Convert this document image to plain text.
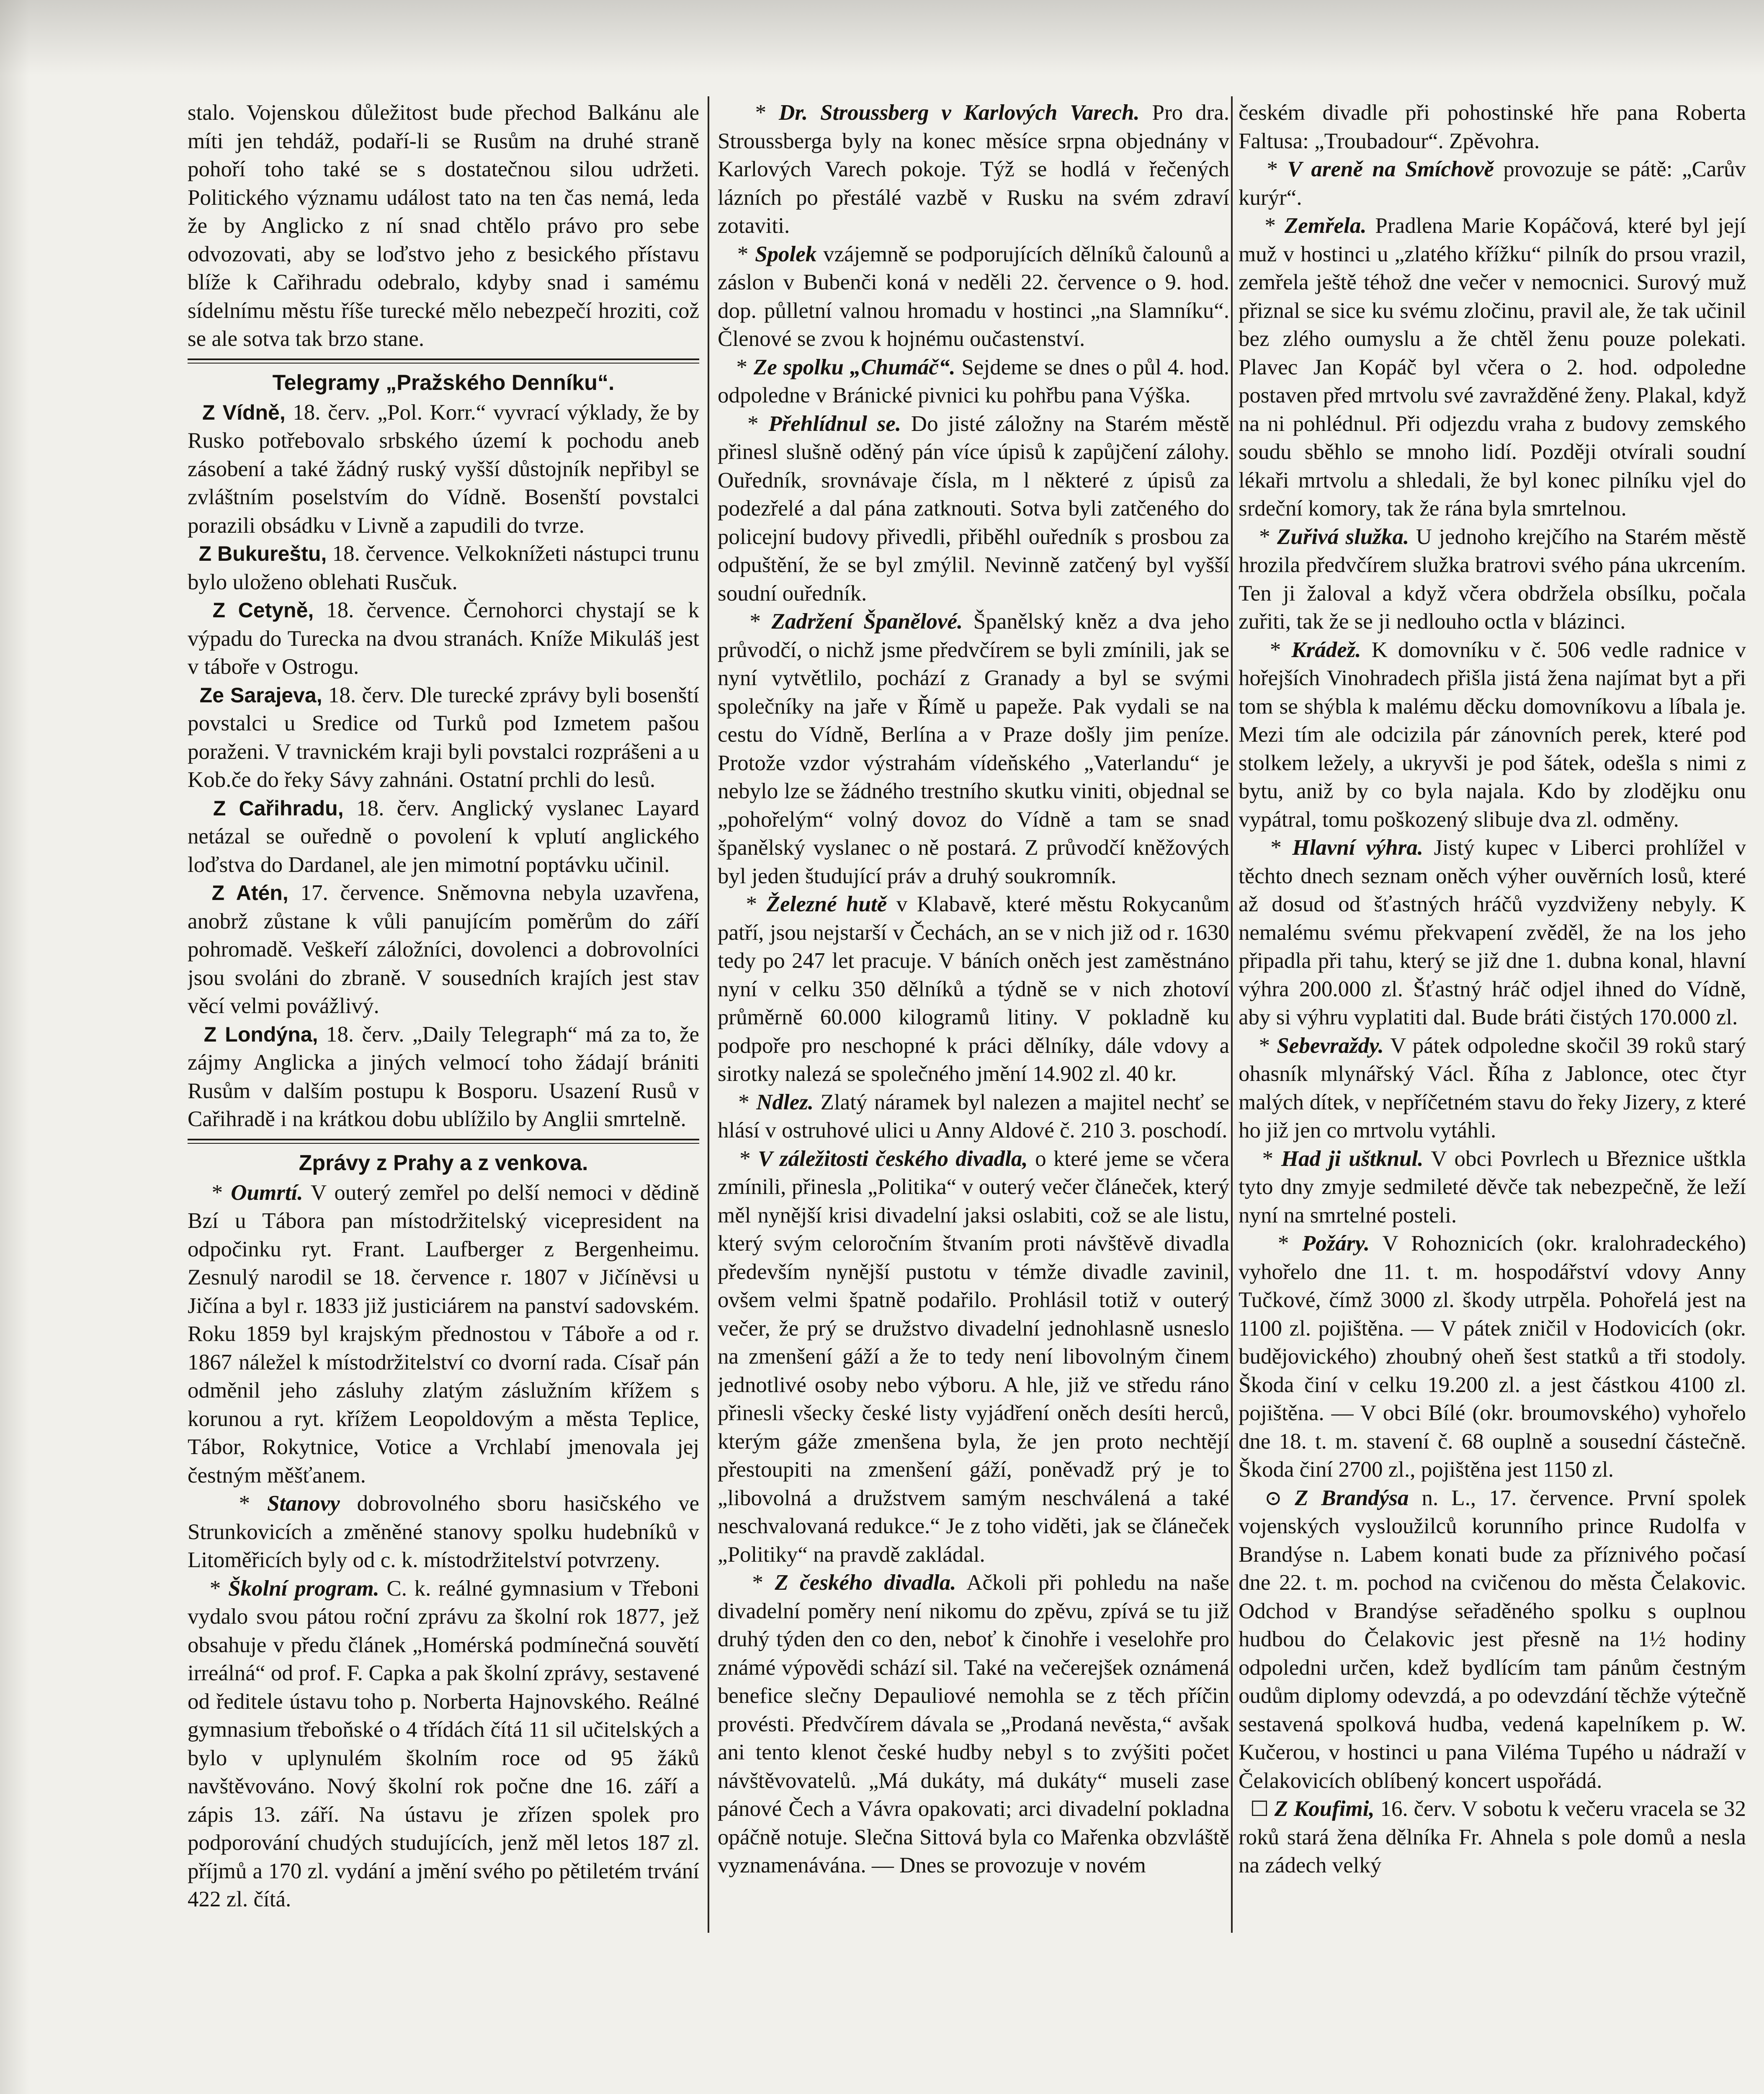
stalo. Vojenskou důležitost bude přechod Balkánu ale míti jen tehdáž, podaří-li se Rusům na druhé straně pohoří toho také se s dostatečnou silou udržeti. Politického významu událost tato na ten čas nemá, leda že by Anglicko z ní snad chtělo právo pro sebe odvozovati, aby se loďstvo jeho z besického přístavu blíže k Cařihradu odebralo, kdyby snad i samému sídelnímu městu říše turecké mělo nebezpečí hroziti, což se ale sotva tak brzo stane.

Telegramy „Pražského Denníku“.

Z Vídně, 18. červ. „Pol. Korr.“ vyvrací výklady, že by Rusko potřebovalo srbského území k pochodu aneb zásobení a také žádný ruský vyšší důstojník nepřibyl se zvláštním poselstvím do Vídně. Bosenští povstalci porazili obsádku v Livně a zapudili do tvrze.

Z Bukureštu, 18. července. Velkoknížeti nástupci trunu bylo uloženo oblehati Rusčuk.

Z Cetyně, 18. července. Černohorci chystají se k výpadu do Turecka na dvou stranách. Kníže Mikuláš jest v táboře v Ostrogu.

Ze Sarajeva, 18. červ. Dle turecké zprávy byli bosenští povstalci u Sredice od Turků pod Izmetem pašou poraženi. V travnickém kraji byli povstalci rozprášeni a u Kob.če do řeky Sávy zahnáni. Ostatní prchli do lesů.

Z Cařihradu, 18. červ. Anglický vyslanec Layard netázal se ouředně o povolení k vplutí anglického loďstva do Dardanel, ale jen mimotní poptávku učinil.

Z Atén, 17. července. Sněmovna nebyla uzavřena, anobrž zůstane k vůli panujícím poměrům do září pohromadě. Veškeří záložníci, dovolenci a dobrovolníci jsou svoláni do zbraně. V sousedních krajích jest stav věcí velmi povážlivý.

Z Londýna, 18. červ. „Daily Telegraph“ má za to, že zájmy Anglicka a jiných velmocí toho žádají brániti Rusům v dalším postupu k Bosporu. Usazení Rusů v Cařihradě i na krátkou dobu ublížilo by Anglii smrtelně.

Zprávy z Prahy a z venkova.

* Oumrtí. V outerý zemřel po delší nemoci v dědině Bzí u Tábora pan místodržitelský vicepresident na odpočinku ryt. Frant. Laufberger z Bergenheimu. Zesnulý narodil se 18. července r. 1807 v Jičíněvsi u Jičína a byl r. 1833 již justiciárem na panství sadovském. Roku 1859 byl krajským přednostou v Táboře a od r. 1867 náležel k místodržitelství co dvorní rada. Císař pán odměnil jeho zásluhy zlatým záslužním křížem s korunou a ryt. křížem Leopoldovým a města Teplice, Tábor, Rokytnice, Votice a Vrchlabí jmenovala jej čestným měšťanem.

* Stanovy dobrovolného sboru hasičského ve Strunkovicích a změněné stanovy spolku hudebníků v Litoměřicích byly od c. k. místodržitelství potvrzeny.

* Školní program. C. k. reálné gymnasium v Třeboni vydalo svou pátou roční zprávu za školní rok 1877, jež obsahuje v předu článek „Homérská podmínečná souvětí irreálná“ od prof. F. Capka a pak školní zprávy, sestavené od ředitele ústavu toho p. Norberta Hajnovského. Reálné gymnasium třeboňské o 4 třídách čítá 11 sil učitelských a bylo v uplynulém školním roce od 95 žáků navštěvováno. Nový školní rok počne dne 16. září a zápis 13. září. Na ústavu je zřízen spolek pro podporování chudých studujících, jenž měl letos 187 zl. příjmů a 170 zl. vydání a jmění svého po pětiletém trvání 422 zl. čítá.

* Dr. Stroussberg v Karlových Varech. Pro dra. Stroussberga byly na konec měsíce srpna objednány v Karlových Varech pokoje. Týž se hodlá v řečených lázních po přestálé vazbě v Rusku na svém zdraví zotaviti.

* Spolek vzájemně se podporujících dělníků čalounů a záslon v Bubenči koná v neděli 22. července o 9. hod. dop. půlletní valnou hromadu v hostinci „na Slamníku“. Členové se zvou k hojnému oučastenství.

* Ze spolku „Chumáč“. Sejdeme se dnes o půl 4. hod. odpoledne v Bránické pivnici ku pohřbu pana Výška.

* Přehlídnul se. Do jisté záložny na Starém městě přinesl slušně oděný pán více úpisů k zapůjčení zálohy. Ouředník, srovnávaje čísla, m l některé z úpisů za podezřelé a dal pána zatknouti. Sotva byli zatčeného do policejní budovy přivedli, přiběhl ouředník s prosbou za odpuštění, že se byl zmýlil. Nevinně zatčený byl vyšší soudní ouředník.

* Zadržení Španělové. Španělský kněz a dva jeho průvodčí, o nichž jsme předvčírem se byli zmínili, jak se nyní vytvětlilo, pochází z Granady a byl se svými společníky na jaře v Římě u papeže. Pak vydali se na cestu do Vídně, Berlína a v Praze došly jim peníze. Protože vzdor výstrahám vídeňského „Vaterlandu“ je nebylo lze se žádného trestního skutku viniti, objednal se „pohořelým“ volný dovoz do Vídně a tam se snad španělský vyslanec o ně postará. Z průvodčí kněžových byl jeden študující práv a druhý soukromník.

* Železné hutě v Klabavě, které městu Rokycanům patří, jsou nejstarší v Čechách, an se v nich již od r. 1630 tedy po 247 let pracuje. V báních oněch jest zaměstnáno nyní v celku 350 dělníků a týdně se v nich zhotoví průměrně 60.000 kilogramů litiny. V pokladně ku podpoře pro neschopné k práci dělníky, dále vdovy a sirotky nalezá se společného jmění 14.902 zl. 40 kr.

* Ndlez. Zlatý náramek byl nalezen a majitel nechť se hlásí v ostruhové ulici u Anny Aldové č. 210 3. poschodí.

* V záležitosti českého divadla, o které jeme se včera zmínili, přinesla „Politika“ v outerý večer článeček, který měl nynější krisi divadelní jaksi oslabiti, což se ale listu, který svým celoročním štvaním proti návštěvě divadla především nynější pustotu v témže divadle zavinil, ovšem velmi špatně podařilo. Prohlásil totiž v outerý večer, že prý se družstvo divadelní jednohlasně usneslo na zmenšení gáží a že to tedy není libovolným činem jednotlivé osoby nebo výboru. A hle, již ve středu ráno přinesli všecky české listy vyjádření oněch desíti herců, kterým gáže zmenšena byla, že jen proto nechtějí přestoupiti na zmenšení gáží, poněvadž prý je to „libovolná a družstvem samým neschválená a také neschvalovaná redukce.“ Je z toho viděti, jak se článeček „Politiky“ na pravdě zakládal.

* Z českého divadla. Ačkoli při pohledu na naše divadelní poměry není nikomu do zpěvu, zpívá se tu již druhý týden den co den, neboť k činohře i veselohře pro známé výpovědi schází sil. Také na večerejšek oznámená benefice slečny Depauliové nemohla se z těch příčin provésti. Předvčírem dávala se „Prodaná nevěsta,“ avšak ani tento klenot české hudby nebyl s to zvýšiti počet návštěvovatelů. „Má dukáty, má dukáty“ museli zase pánové Čech a Vávra opakovati; arci divadelní pokladna opáčně notuje. Slečna Sittová byla co Mařenka obzvláště vyznamenávána. — Dnes se provozuje v novém

českém divadle při pohostinské hře pana Roberta Faltusa: „Troubadour“. Zpěvohra.

* V areně na Smíchově provozuje se pátě: „Carův kurýr“.

* Zemřela. Pradlena Marie Kopáčová, které byl její muž v hostinci u „zlatého křížku“ pilník do prsou vrazil, zemřela ještě téhož dne večer v nemocnici. Surový muž přiznal se sice ku svému zločinu, pravil ale, že tak učinil bez zlého oumyslu a že chtěl ženu pouze polekati. Plavec Jan Kopáč byl včera o 2. hod. odpoledne postaven před mrtvolu své zavražděné ženy. Plakal, když na ni pohlédnul. Při odjezdu vraha z budovy zemského soudu sběhlo se mnoho lidí. Později otvírali soudní lékaři mrtvolu a shledali, že byl konec pilníku vjel do srdeční komory, tak že rána byla smrtelnou.

* Zuřivá služka. U jednoho krejčího na Starém městě hrozila předvčírem služka bratrovi svého pána ukrcením. Ten ji žaloval a když včera obdržela obsílku, počala zuřiti, tak že se ji nedlouho octla v blázinci.

* Krádež. K domovníku v č. 506 vedle radnice v hořejších Vinohradech přišla jistá žena najímat byt a při tom se shýbla k malému děcku domovníkovu a líbala je. Mezi tím ale odcizila pár zánovních perek, které pod stolkem ležely, a ukryvši je pod šátek, odešla s nimi z bytu, aniž by co byla najala. Kdo by zlodějku onu vypátral, tomu poškozený slibuje dva zl. odměny.

* Hlavní výhra. Jistý kupec v Liberci prohlížel v těchto dnech seznam oněch výher ouvěrních losů, které až dosud od šťastných hráčů vyzdviženy nebyly. K nemalému svému překvapení zvěděl, že na los jeho připadla při tahu, který se již dne 1. dubna konal, hlavní výhra 200.000 zl. Šťastný hráč odjel ihned do Vídně, aby si výhru vyplatiti dal. Bude bráti čistých 170.000 zl.

* Sebevraždy. V pátek odpoledne skočil 39 roků starý ohasník mlynářský Václ. Říha z Jablonce, otec čtyr malých dítek, v nepříčetném stavu do řeky Jizery, z které ho již jen co mrtvolu vytáhli.

* Had ji uštknul. V obci Povrlech u Březnice uštkla tyto dny zmyje sedmileté děvče tak nebezpečně, že leží nyní na smrtelné posteli.

* Požáry. V Rohoznicích (okr. kralohradeckého) vyhořelo dne 11. t. m. hospodářství vdovy Anny Tučkové, čímž 3000 zl. škody utrpěla. Pohořelá jest na 1100 zl. pojištěna. — V pátek zničil v Hodovicích (okr. budějovického) zhoubný oheň šest statků a tři stodoly. Škoda činí v celku 19.200 zl. a jest částkou 4100 zl. pojištěna. — V obci Bílé (okr. broumovského) vyhořelo dne 18. t. m. stavení č. 68 ouplně a sousední částečně. Škoda činí 2700 zl., pojištěna jest 1150 zl.

⊙ Z Brandýsa n. L., 17. července. První spolek vojenských vysloužilců korunního prince Rudolfa v Brandýse n. Labem konati bude za příznivého počasí dne 22. t. m. pochod na cvičenou do města Čelakovic. Odchod v Brandýse seřaděného spolku s ouplnou hudbou do Čelakovic jest přesně na 1½ hodiny odpoledni určen, kdež bydlícím tam pánům čestným oudům diplomy odevzdá, a po odevzdání těchže výtečně sestavená spolková hudba, vedená kapelníkem p. W. Kučerou, v hostinci u pana Viléma Tupého u nádraží v Čelakovicích oblíbený koncert uspořádá.

☐ Z Koufimi, 16. červ. V sobotu k večeru vracela se 32 roků stará žena dělníka Fr. Ahnela s pole domů a nesla na zádech velký
